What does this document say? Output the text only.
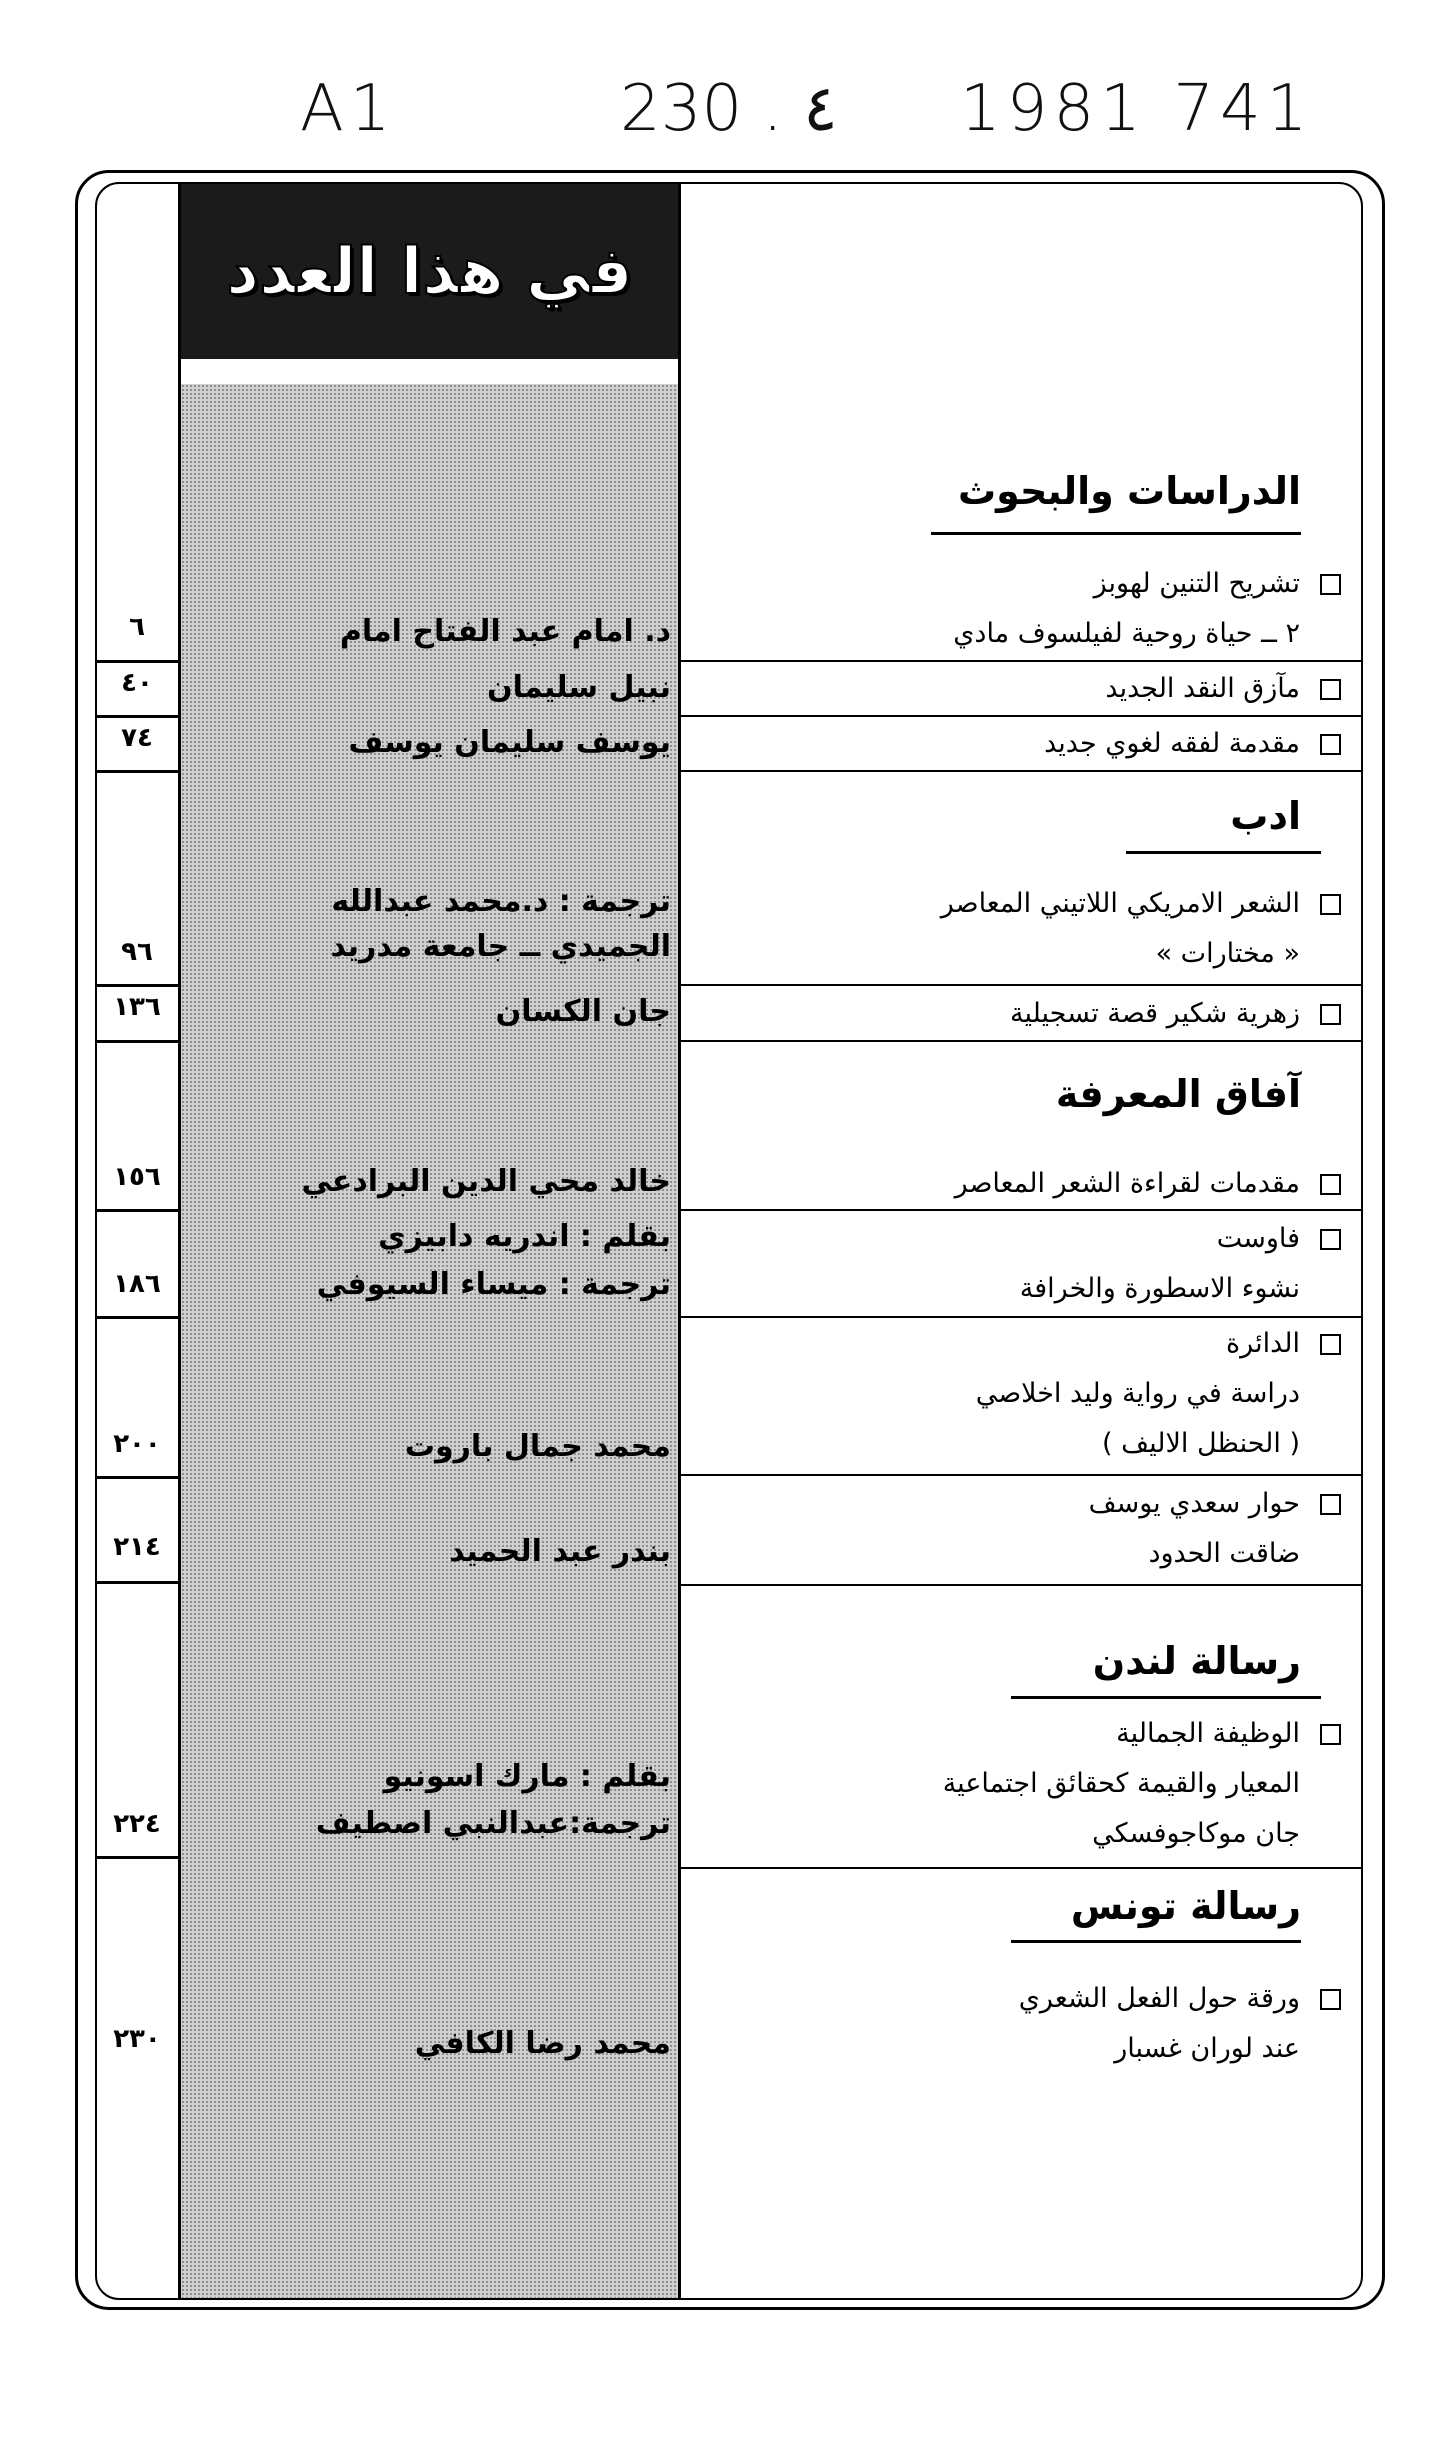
A1	230 . ٤ 1981 741
في هذا العدد
الدراسات والبحوث
ادب
آفاق المعرفة
رسالة لندن
رسالة تونس
تشريح التنين لهوبز
٢ ــ حياة روحية لفيلسوف مادي
د. امام عبد الفتاح امام
٦
مآزق النقد الجديد
نبيل سليمان
٤٠
مقدمة لفقه لغوي جديد
يوسف سليمان يوسف
٧٤
الشعر الامريكي اللاتيني المعاصر
« مختارات »
ترجمة : د.محمد عبدالله
الجميدي ــ جامعة مدريد
٩٦
زهرية شكير قصة تسجيلية
جان الكسان
١٣٦
مقدمات لقراءة الشعر المعاصر
خالد محي الدين البرادعي
١٥٦
فاوست
نشوء الاسطورة والخرافة
بقلم : اندريه دابيزي
ترجمة : ميساء السيوفي
١٨٦
الدائرة
دراسة في رواية وليد اخلاصي
( الحنظل الاليف )
محمد جمال باروت
٢٠٠
حوار سعدي يوسف
ضاقت الحدود
بندر عبد الحميد
٢١٤
الوظيفة الجمالية
المعيار والقيمة كحقائق اجتماعية
جان موكاجوفسكي
بقلم : مارك اسونيو
ترجمة:عبدالنبي اصطيف
٢٢٤
ورقة حول الفعل الشعري
عند لوران غسبار
محمد رضا الكافي
٢٣٠
